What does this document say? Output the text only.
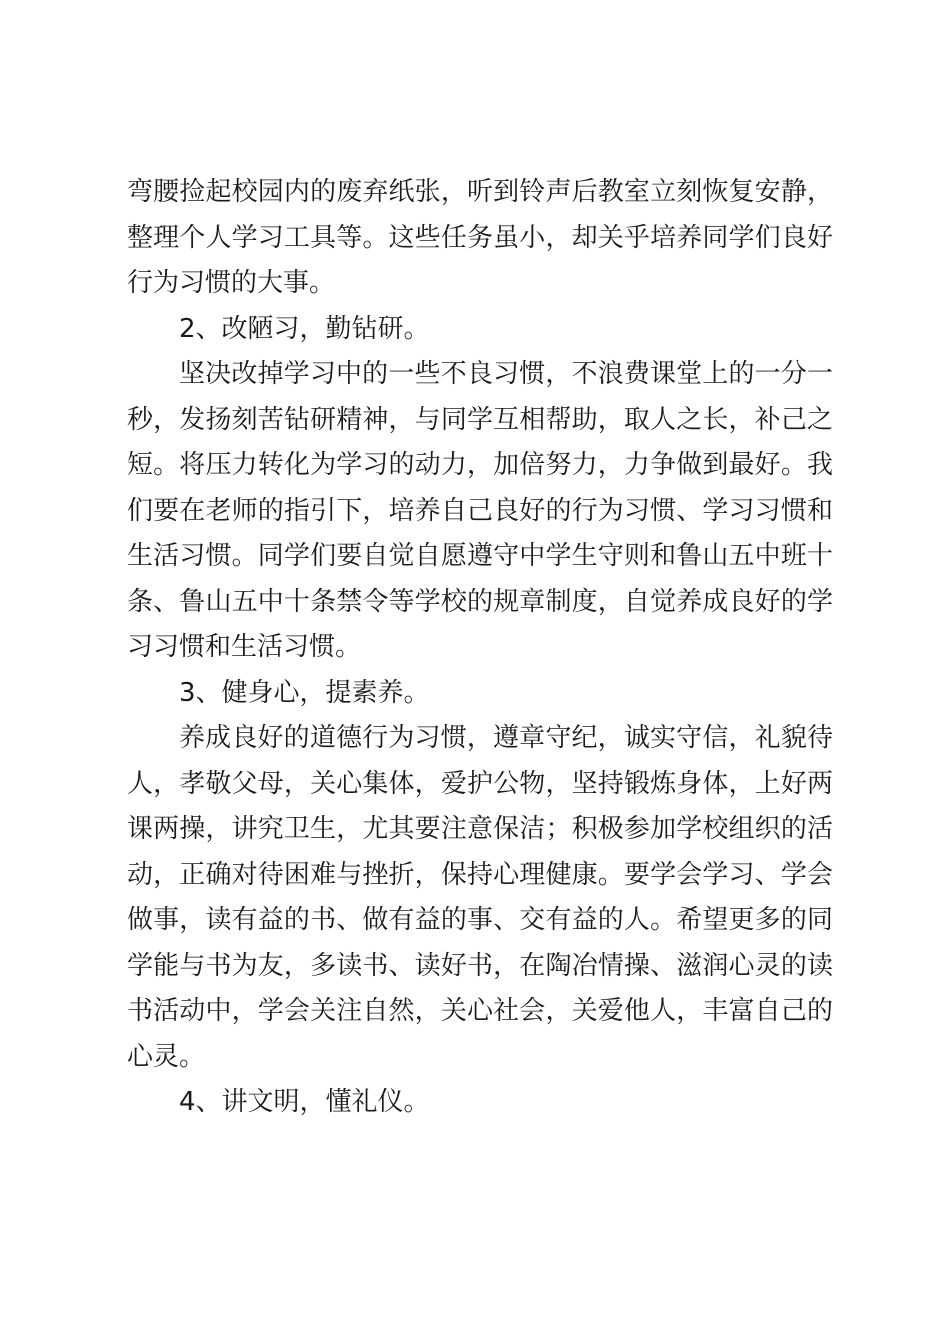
弯腰捡起校园内的废弃纸张，听到铃声后教室立刻恢复安静，整理个人学习工具等。这些任务虽小，却关乎培养同学们良好行为习惯的大事。

2、改陋习，勤钻研。

坚决改掉学习中的一些不良习惯，不浪费课堂上的一分一秒，发扬刻苦钻研精神，与同学互相帮助，取人之长，补己之短。将压力转化为学习的动力，加倍努力，力争做到最好。我们要在老师的指引下，培养自己良好的行为习惯、学习习惯和生活习惯。同学们要自觉自愿遵守中学生守则和鲁山五中班十条、鲁山五中十条禁令等学校的规章制度，自觉养成良好的学习习惯和生活习惯。

3、健身心，提素养。

养成良好的道德行为习惯，遵章守纪，诚实守信，礼貌待人，孝敬父母，关心集体，爱护公物，坚持锻炼身体，上好两课两操，讲究卫生，尤其要注意保洁；积极参加学校组织的活动，正确对待困难与挫折，保持心理健康。要学会学习、学会做事，读有益的书、做有益的事、交有益的人。希望更多的同学能与书为友，多读书、读好书，在陶冶情操、滋润心灵的读书活动中，学会关注自然，关心社会，关爱他人，丰富自己的心灵。

4、讲文明，懂礼仪。
